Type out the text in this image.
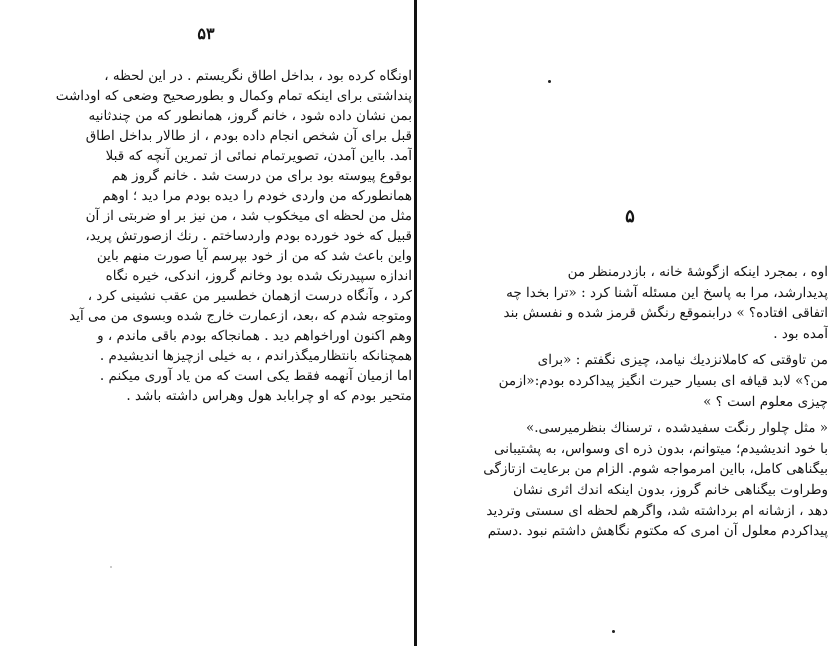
۵۳
اونگاه کرده بود ، بداخل اطاق نگریستم . در این لحظه ،
پنداشتی برای اینکه تمام وکمال و بطورصحیح وضعی که اوداشت
بمن نشان داده شود ، خانم گروز، همانطور که من چندثانیه
قبل برای آن شخص انجام داده بودم ، از طالار بداخل اطاق
آمد. بااین آمدن، تصویرتمام نمائی از تمرین آنچه که قبلا
بوقوع پیوسته بود برای من درست شد . خانم گروز هم
همانطورکه من واردی خودم را دیده بودم مرا دید ؛ اوهم
مثل من لحظه ای میخکوب شد ، من نیز بر او ضربتی از آن
قبیل که خود خورده بودم واردساختم . رنك ازصورتش پرید،
واین باعث شد که من از خود بپرسم آیا صورت منهم باین
اندازه سپیدرنک شده بود وخانم گروز، اندکی، خیره نگاه
کرد ، وآنگاه درست ازهمان خطسیر من عقب نشینی کرد ،
ومتوجه شدم که ،بعد، ازعمارت خارج شده وبسوی من می آید
وهم اکنون اوراخواهم دید . همانجاکه بودم باقی ماندم ، و
همچنانکه بانتظارمیگذراندم ، به خیلی ازچیزها اندیشیدم .
اما ازمیان آنهمه فقط یکی است که من یاد آوری میکنم .
متحیر بودم که او چرابابد هول وهراس داشته باشد .
۵
اوه ، بمجرد اینکه ازگوشهٔ خانه ، بازدرمنظر من
پدیدارشد، مرا به پاسخ این مسئله آشنا کرد : «ترا بخدا چه
اتفاقی افتاده؟ » درابنموقع رنگش قرمز شده و نفسش بند
آمده بود .
من تاوقتی که کاملانزدیك نیامد، چیزی نگفتم : «برای
من؟» لابد قیافه ای بسیار حیرت انگیز پیداکرده بودم:«ازمن
چیزی معلوم است ؟ »
« مثل چلوار رنگت سفیدشده ، ترسناك بنظرمیرسی.»
با خود اندیشیدم؛ میتوانم، بدون ذره ای وسواس، به پشتیبانی
بیگناهی کامل، بااین امرمواجه شوم. الزام من برعایت ازتازگی
وطراوت بیگناهی خانم گروز، بدون اینکه اندك اثری نشان
دهد ، ازشانه ام برداشته شد، واگرهم لحظه ای سستی وتردید
پیداکردم معلول آن امری که مکتوم نگاهش داشتم نبود .دستم
